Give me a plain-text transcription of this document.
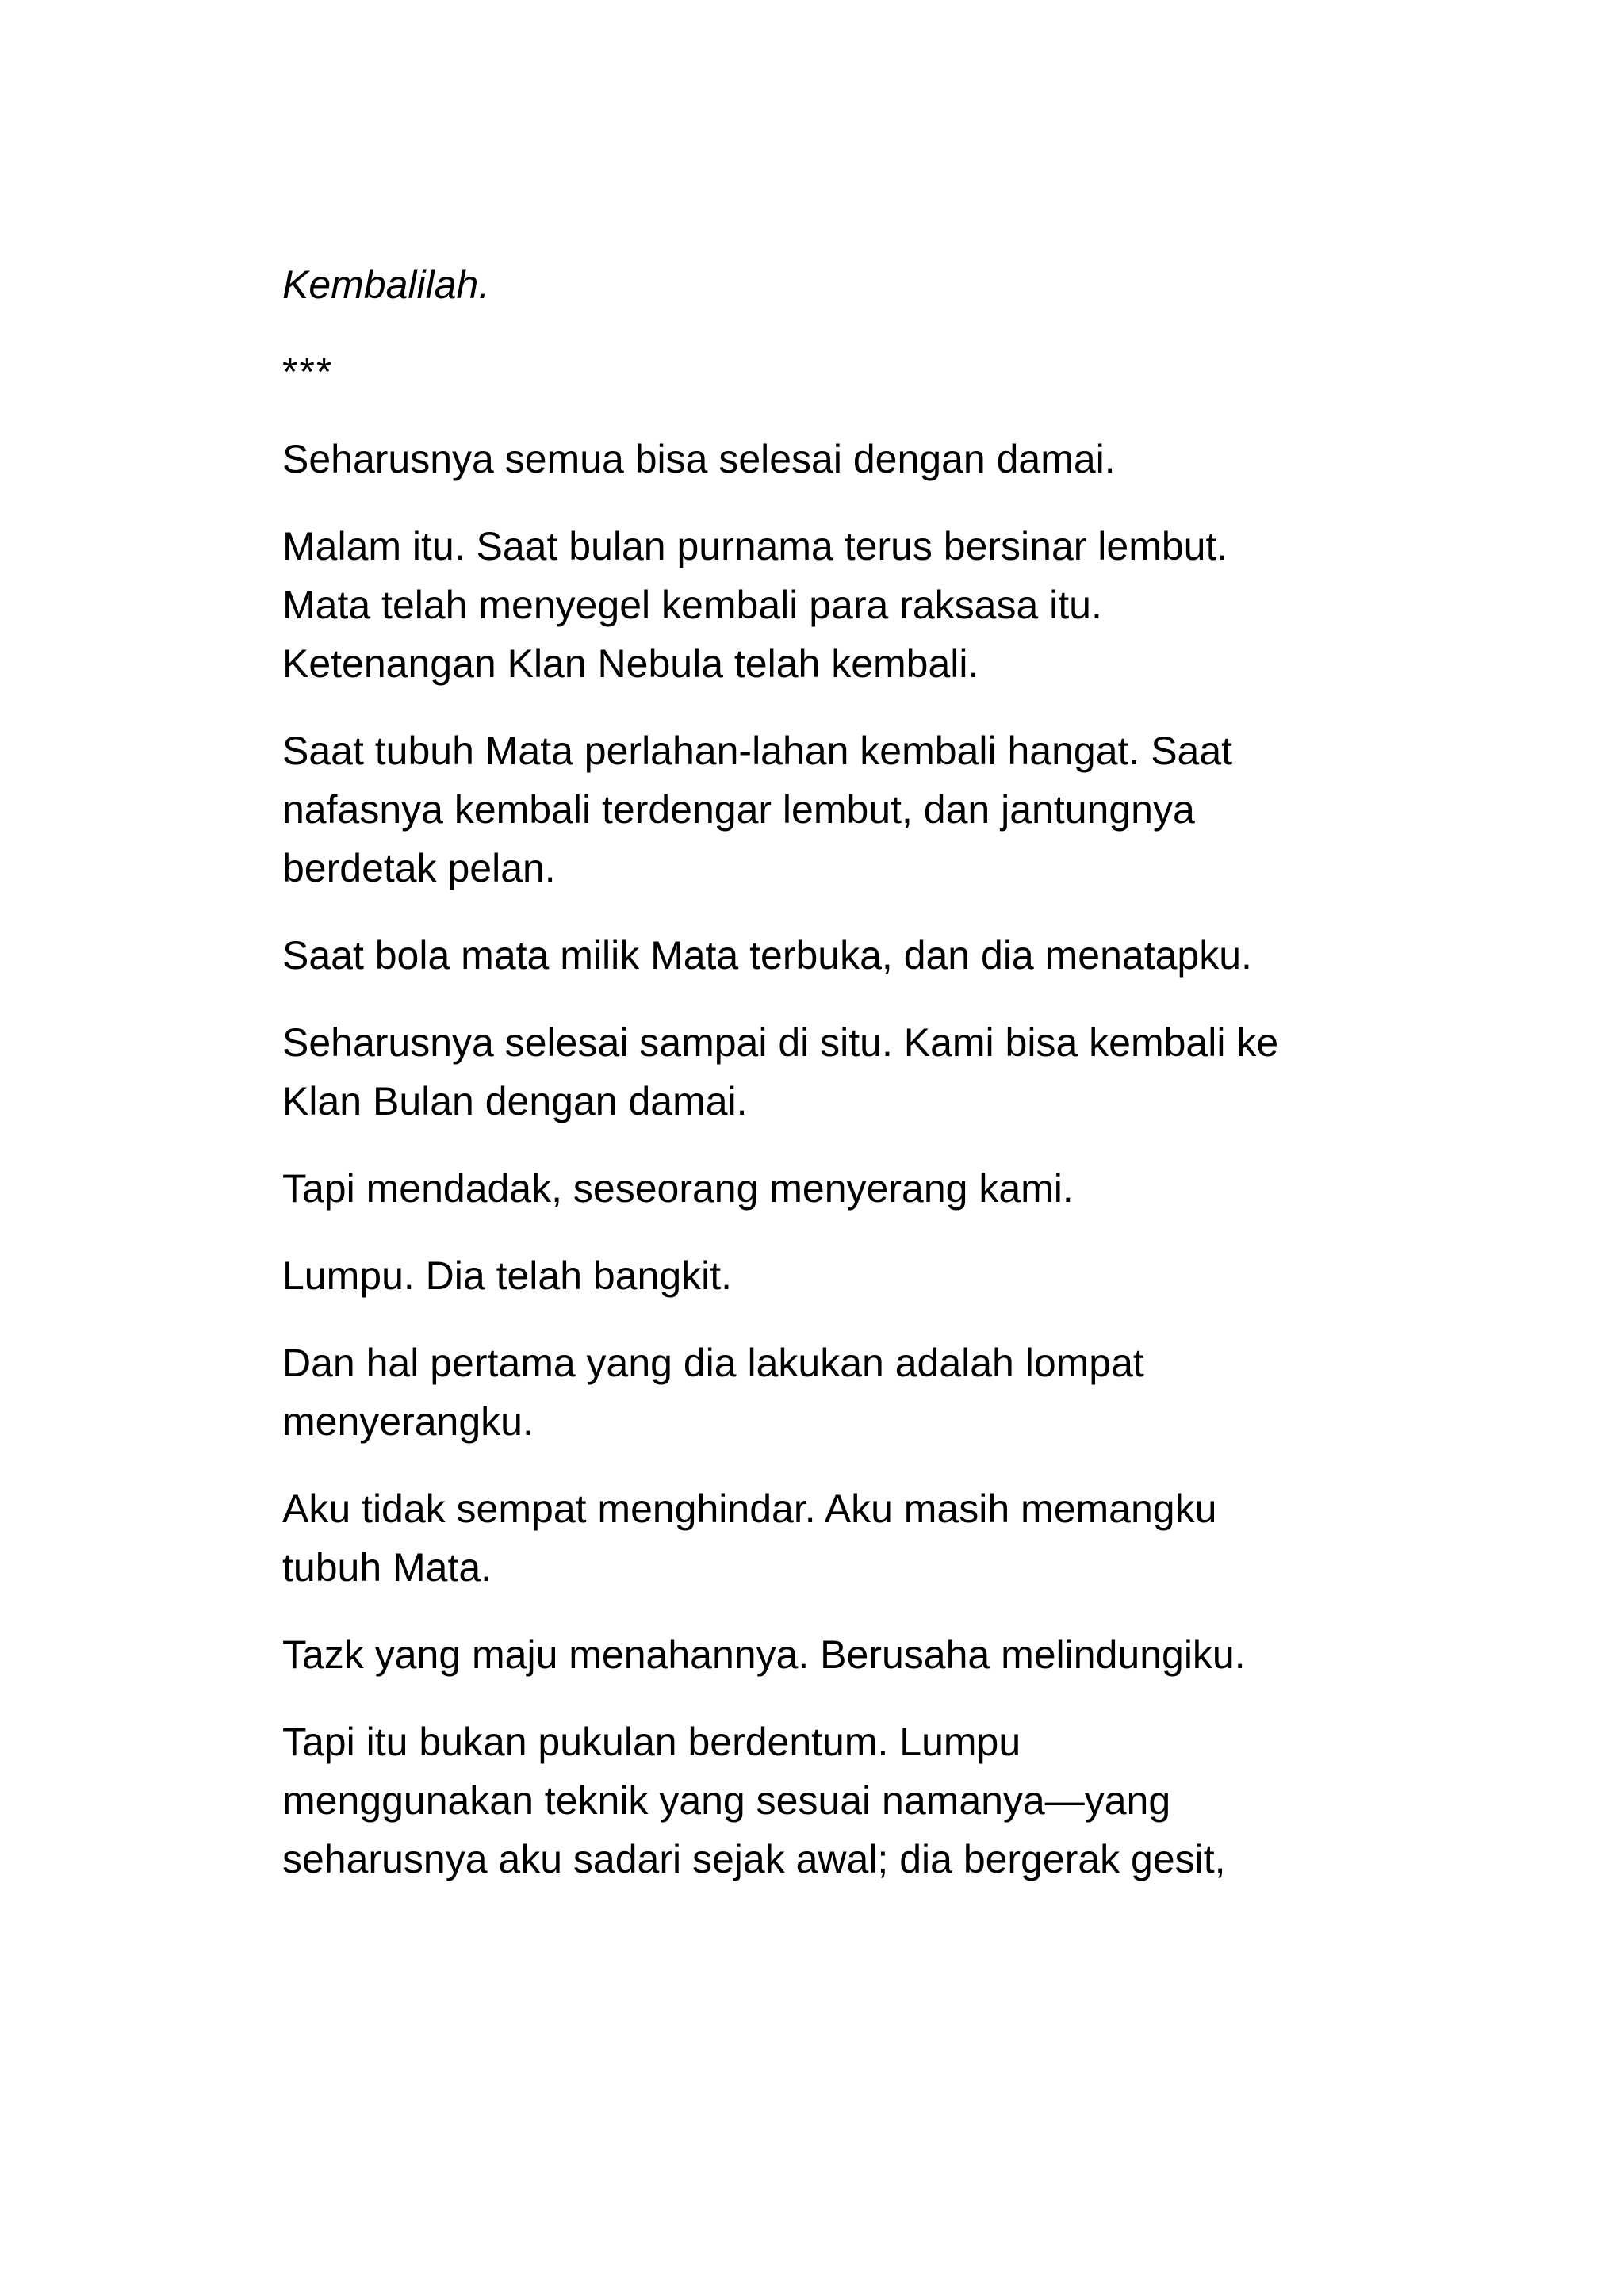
Kembalilah.

***

Seharusnya semua bisa selesai dengan damai.

Malam itu. Saat bulan purnama terus bersinar lembut.
Mata telah menyegel kembali para raksasa itu.
Ketenangan Klan Nebula telah kembali.

Saat tubuh Mata perlahan-lahan kembali hangat. Saat
nafasnya kembali terdengar lembut, dan jantungnya
berdetak pelan.

Saat bola mata milik Mata terbuka, dan dia menatapku.

Seharusnya selesai sampai di situ. Kami bisa kembali ke
Klan Bulan dengan damai.

Tapi mendadak, seseorang menyerang kami.

Lumpu. Dia telah bangkit.

Dan hal pertama yang dia lakukan adalah lompat
menyerangku.

Aku tidak sempat menghindar. Aku masih memangku
tubuh Mata.

Tazk yang maju menahannya. Berusaha melindungiku.

Tapi itu bukan pukulan berdentum. Lumpu
menggunakan teknik yang sesuai namanya—yang
seharusnya aku sadari sejak awal; dia bergerak gesit,
